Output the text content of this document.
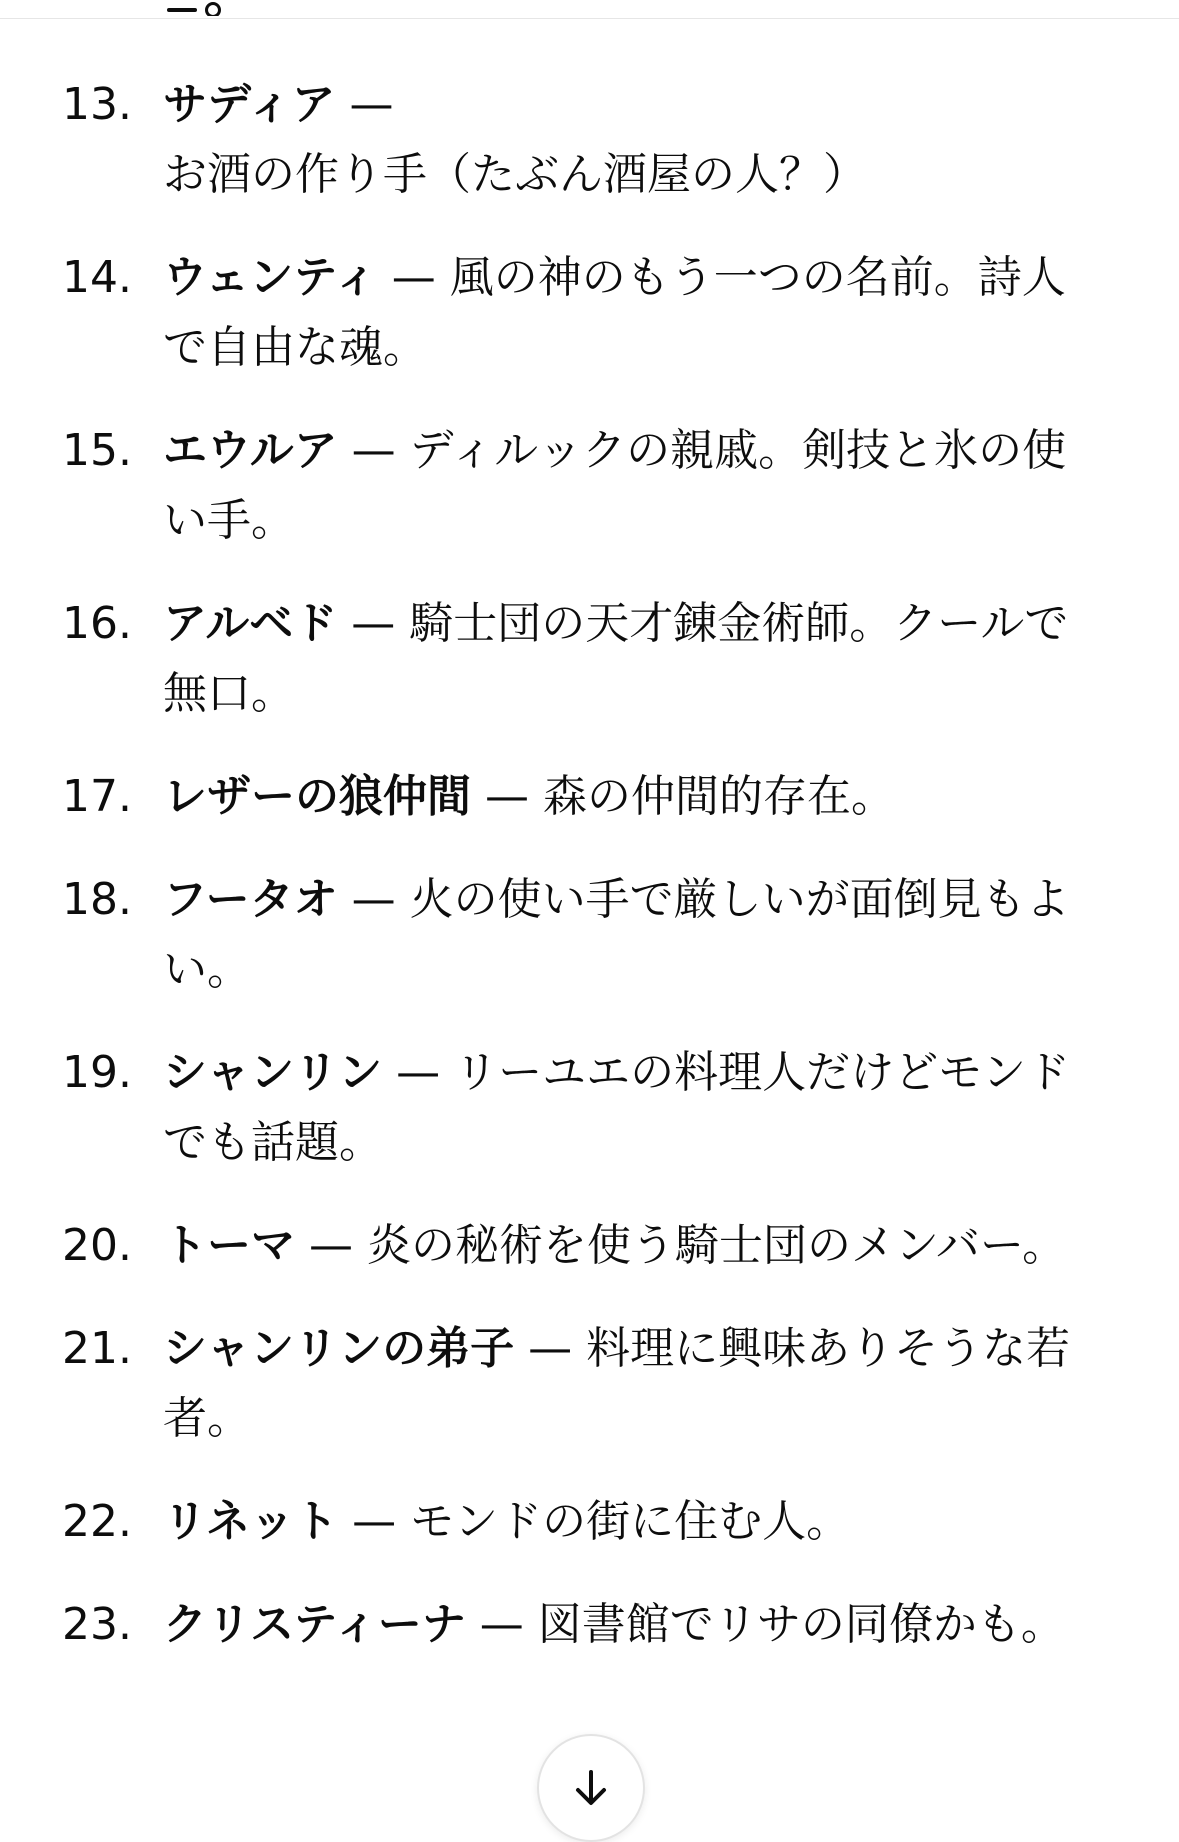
13. サディア — お酒の作り手（たぶん酒屋の人？）
14. ウェンティ — 風の神のもう一つの名前。詩人で自由な魂。
15. エウルア — ディルックの親戚。剣技と氷の使い手。
16. アルベド — 騎士団の天才錬金術師。クールで無口。
17. レザーの狼仲間 — 森の仲間的存在。
18. フータオ — 火の使い手で厳しいが面倒見もよい。
19. シャンリン — リーユエの料理人だけどモンドでも話題。
20. トーマ — 炎の秘術を使う騎士団のメンバー。
21. シャンリンの弟子 — 料理に興味ありそうな若者。
22. リネット — モンドの街に住む人。
23. クリスティーナ — 図書館でリサの同僚かも。
